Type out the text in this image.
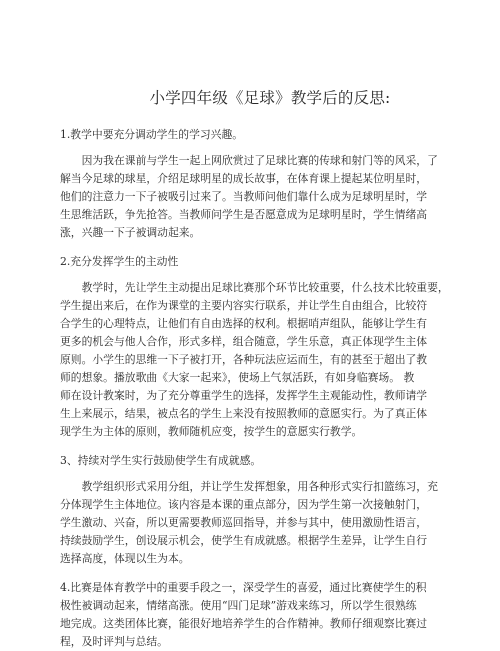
小学四年级《足球》教学后的反思:
1.教学中要充分调动学生的学习兴趣。
因为我在课前与学生一起上网欣赏过了足球比赛的传球和射门等的风采，了
解当今足球的球星，介绍足球明星的成长故事，在体育课上提起某位明星时，
他们的注意力一下子被吸引过来了。当教师问他们靠什么成为足球明星时，学
生思维活跃，争先抢答。当教师问学生是否愿意成为足球明星时，学生情绪高
涨，兴趣一下子被调动起来。
2.充分发挥学生的主动性
教学时，先让学生主动提出足球比赛那个环节比较重要，什么技术比较重要，
学生提出来后，在作为课堂的主要内容实行联系，并让学生自由组合，比较符
合学生的心理特点，让他们有自由选择的权利。根据哨声组队，能够让学生有
更多的机会与他人合作，形式多样，组合随意，学生乐意，真正体现学生主体
原则。小学生的思维一下子被打开，各种玩法应运而生，有的甚至于超出了教
师的想象。播放歌曲《大家一起来》，使场上气氛活跃，有如身临赛场。 教
师在设计教案时，为了充分尊重学生的选择，发挥学生主观能动性，教师请学
生上来展示，结果，被点名的学生上来没有按照教师的意愿实行。为了真正体
现学生为主体的原则，教师随机应变，按学生的意愿实行教学。
3、持续对学生实行鼓励使学生有成就感。
教学组织形式采用分组，并让学生发挥想象，用各种形式实行扣篮练习，充
分体现学生主体地位。该内容是本课的重点部分，因为学生第一次接触射门，
学生激动、兴奋，所以更需要教师巡回指导，并参与其中，使用激励性语言，
持续鼓励学生，创设展示机会，使学生有成就感。根据学生差异，让学生自行
选择高度，体现以生为本。
4.比赛是体育教学中的重要手段之一，深受学生的喜爱，通过比赛使学生的积
极性被调动起来，情绪高涨。使用“四门足球”游戏来练习，所以学生很熟练
地完成。这类团体比赛，能很好地培养学生的合作精神。教师仔细观察比赛过
程，及时评判与总结。
